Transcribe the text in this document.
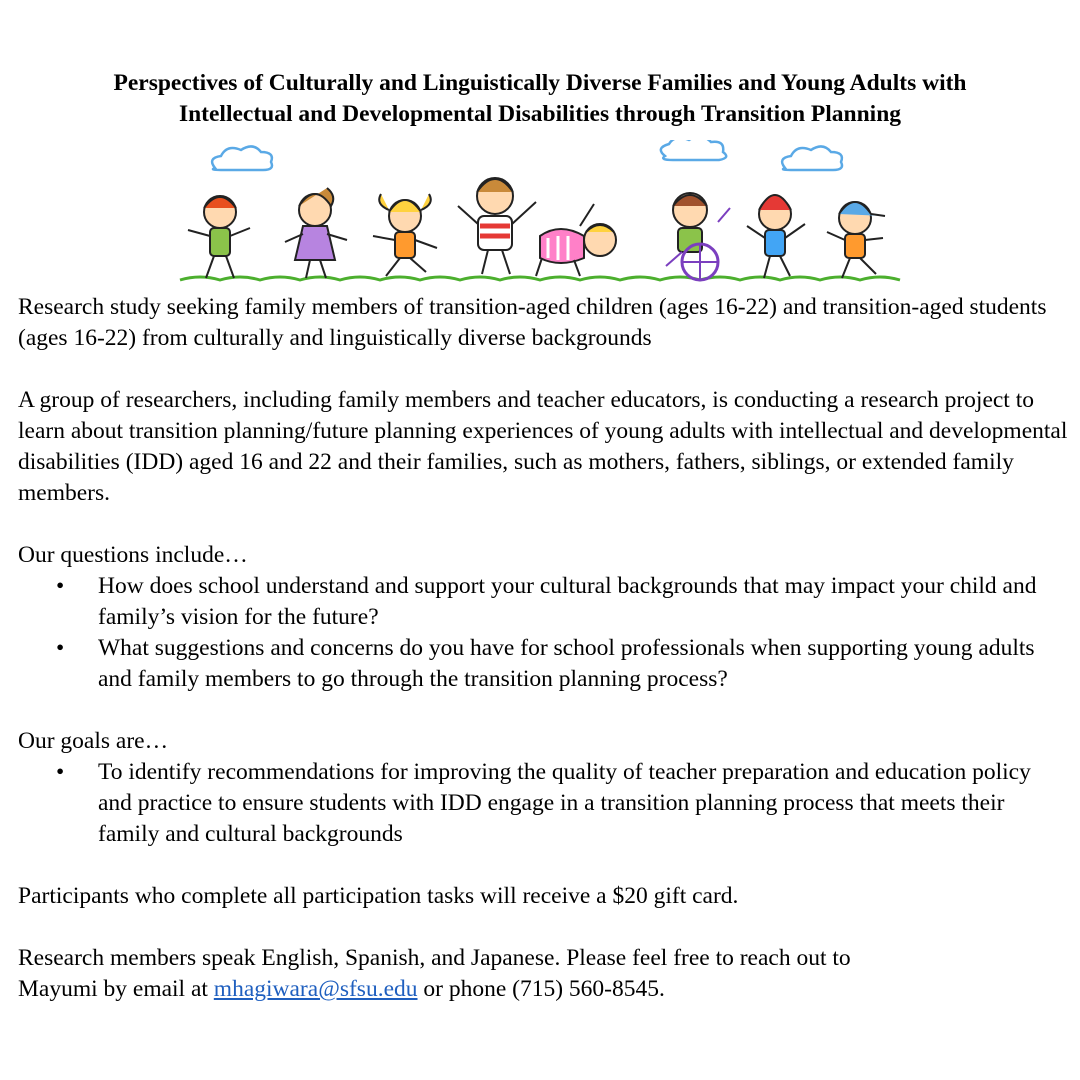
Perspectives of Culturally and Linguistically Diverse Families and Young Adults with
Intellectual and Developmental Disabilities through Transition Planning

Research study seeking family members of transition-aged children (ages 16-22) and transition-aged students (ages 16-22) from culturally and linguistically diverse backgrounds

A group of researchers, including family members and teacher educators, is conducting a research project to learn about transition planning/future planning experiences of young adults with intellectual and developmental disabilities (IDD) aged 16 and 22 and their families, such as mothers, fathers, siblings, or extended family members.

Our questions include…

• How does school understand and support your cultural backgrounds that may impact your child and family’s vision for the future?
• What suggestions and concerns do you have for school professionals when supporting young adults and family members to go through the transition planning process?

Our goals are…

• To identify recommendations for improving the quality of teacher preparation and education policy and practice to ensure students with IDD engage in a transition planning process that meets their family and cultural backgrounds

Participants who complete all participation tasks will receive a $20 gift card.

Research members speak English, Spanish, and Japanese. Please feel free to reach out to

Mayumi by email at mhagiwara@sfsu.edu or phone (715) 560-8545.
